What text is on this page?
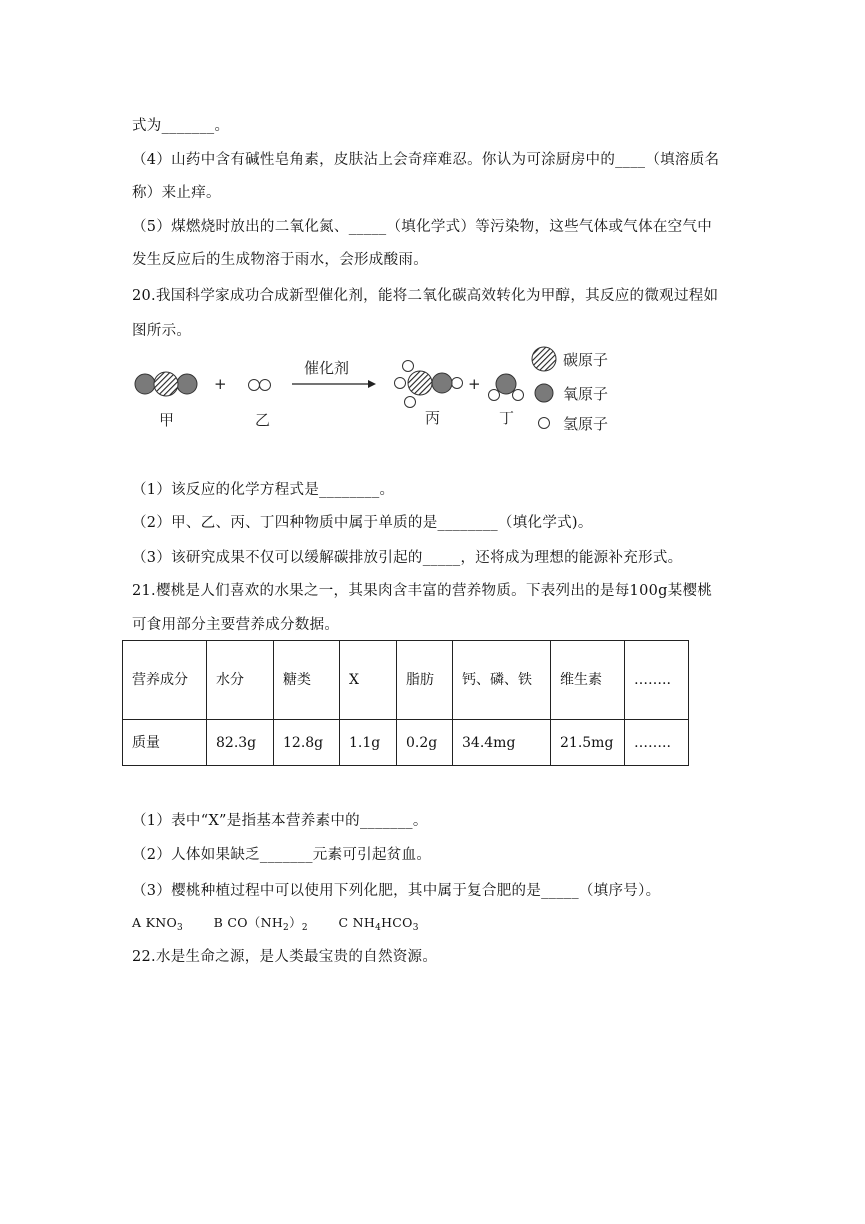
式为_______。
（4）山药中含有碱性皂角素，皮肤沾上会奇痒难忍。你认为可涂厨房中的____（填溶质名
称）来止痒。
（5）煤燃烧时放出的二氧化氮、_____（填化学式）等污染物，这些气体或气体在空气中
发生反应后的生成物溶于雨水，会形成酸雨。
20.我国科学家成功合成新型催化剂，能将二氧化碳高效转化为甲醇，其反应的微观过程如
图所示。
+
催化剂
+
甲	乙	丙	丁
碳原子
氧原子
氢原子
（1）该反应的化学方程式是________。
（2）甲、乙、丙、丁四种物质中属于单质的是________（填化学式)。
（3）该研究成果不仅可以缓解碳排放引起的_____，还将成为理想的能源补充形式。
21.樱桃是人们喜欢的水果之一，其果肉含丰富的营养物质。下表列出的是每100g某樱桃
可食用部分主要营养成分数据。
营养成分	水分	糖类	X	脂肪	钙、磷、铁	维生素	……..
质量	82.3g	12.8g	1.1g	0.2g	34.4mg	21.5mg	……..
（1）表中“X”是指基本营养素中的_______。
（2）人体如果缺乏_______元素可引起贫血。
（3）樱桃种植过程中可以使用下列化肥，其中属于复合肥的是_____（填序号）。
A $KNO_3$ B $CO(NH_2)_2$ C $NH_4HCO_3$
22.水是生命之源，是人类最宝贵的自然资源。
